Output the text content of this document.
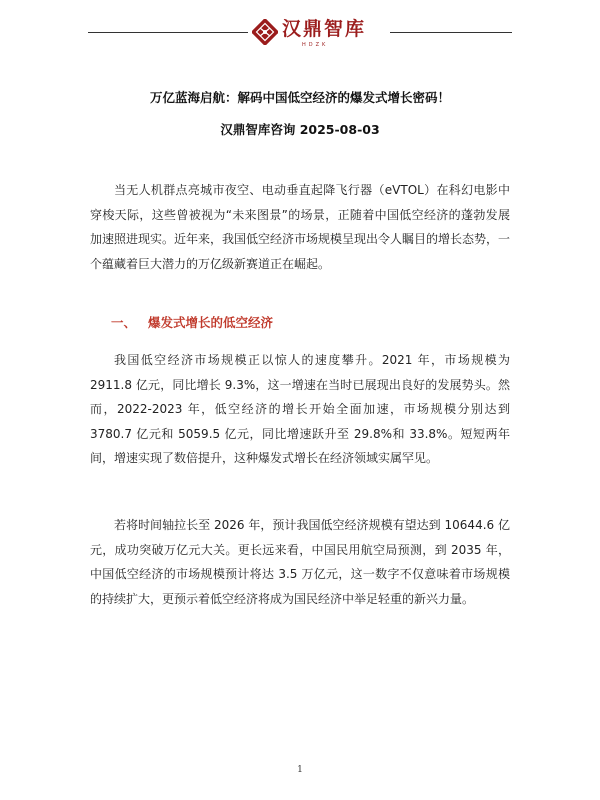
汉鼎智库
HDZK
万亿蓝海启航：解码中国低空经济的爆发式增长密码！
汉鼎智库咨询 2025-08-03

当无人机群点亮城市夜空、电动垂直起降飞行器（eVTOL）在科幻电影中穿梭天际，这些曾被视为“未来图景”的场景，正随着中国低空经济的蓬勃发展加速照进现实。近年来，我国低空经济市场规模呈现出令人瞩目的增长态势，一个蕴藏着巨大潜力的万亿级新赛道正在崛起。

一、 爆发式增长的低空经济

我国低空经济市场规模正以惊人的速度攀升。2021 年，市场规模为 2911.8 亿元，同比增长 9.3%，这一增速在当时已展现出良好的发展势头。然而，2022-2023 年，低空经济的增长开始全面加速，市场规模分别达到 3780.7 亿元和 5059.5 亿元，同比增速跃升至 29.8%和 33.8%。短短两年间，增速实现了数倍提升，这种爆发式增长在经济领域实属罕见。

若将时间轴拉长至 2026 年，预计我国低空经济规模有望达到 10644.6 亿元，成功突破万亿元大关。更长远来看，中国民用航空局预测，到 2035 年，中国低空经济的市场规模预计将达 3.5 万亿元，这一数字不仅意味着市场规模的持续扩大，更预示着低空经济将成为国民经济中举足轻重的新兴力量。

1
